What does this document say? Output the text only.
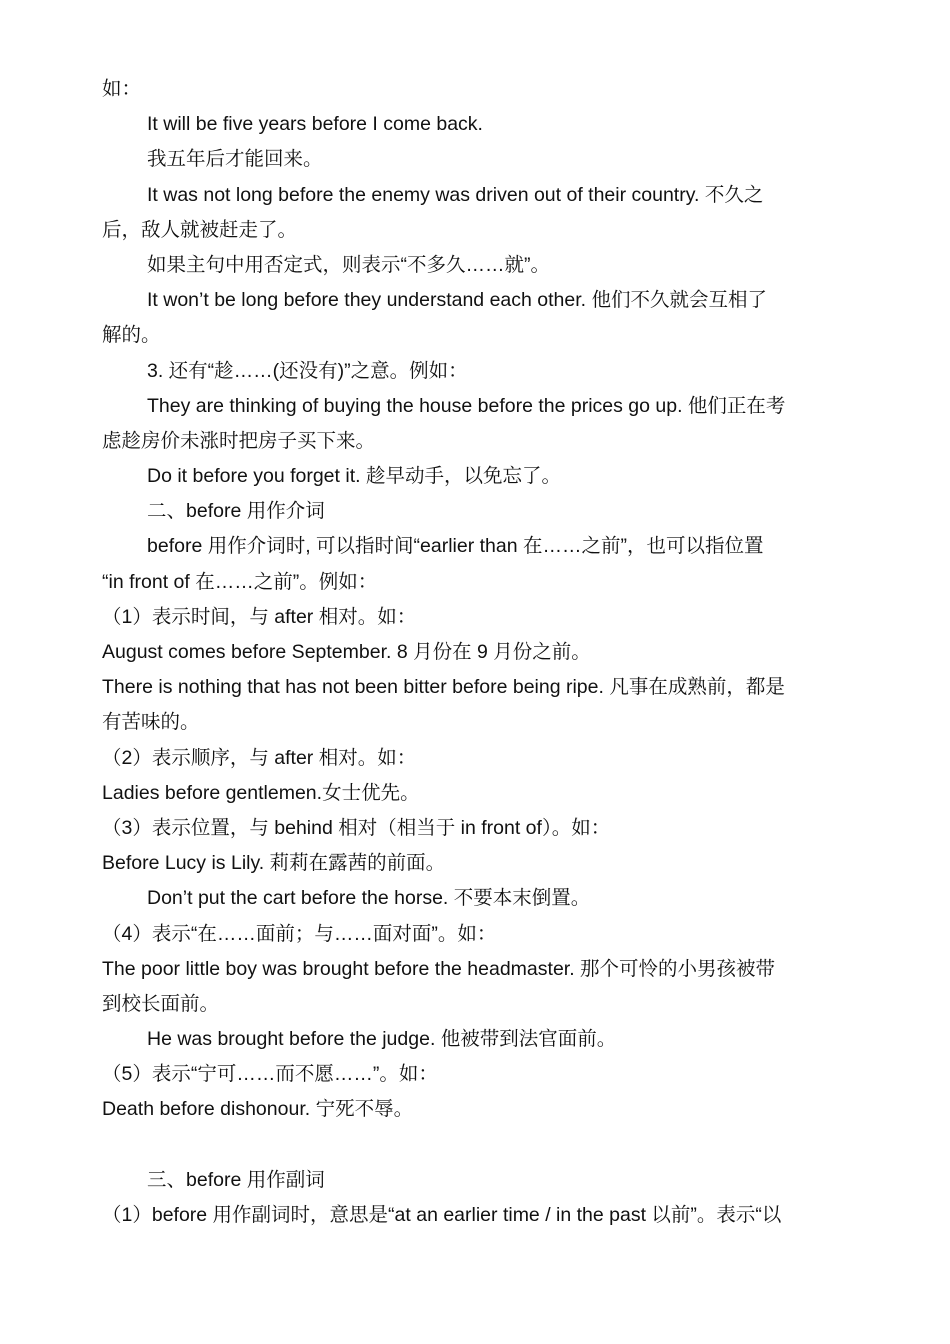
如：
It will be five years before I come back.
我五年后才能回来。
It was not long before the enemy was driven out of their country. 不久之
后，敌人就被赶走了。
如果主句中用否定式，则表示“不多久……就”。
It won’t be long before they understand each other. 他们不久就会互相了
解的。
3. 还有“趁……(还没有)”之意。例如：
They are thinking of buying the house before the prices go up. 他们正在考
虑趁房价未涨时把房子买下来。
Do it before you forget it. 趁早动手，以免忘了。
二、before 用作介词
before 用作介词时, 可以指时间“earlier than 在……之前”，也可以指位置
“in front of 在……之前”。例如：
（1）表示时间，与 after 相对。如：
August comes before September. 8 月份在 9 月份之前。
There is nothing that has not been bitter before being ripe. 凡事在成熟前，都是
有苦味的。
（2）表示顺序，与 after 相对。如：
Ladies before gentlemen.女士优先。
（3）表示位置，与 behind 相对（相当于 in front of）。如：
Before Lucy is Lily. 莉莉在露茜的前面。
Don’t put the cart before the horse. 不要本末倒置。
（4）表示“在……面前；与……面对面”。如：
The poor little boy was brought before the headmaster. 那个可怜的小男孩被带
到校长面前。
He was brought before the judge. 他被带到法官面前。
（5）表示“宁可……而不愿……”。如：
Death before dishonour. 宁死不辱。
三、before 用作副词
（1）before 用作副词时，意思是“at an earlier time / in the past 以前”。表示“以
